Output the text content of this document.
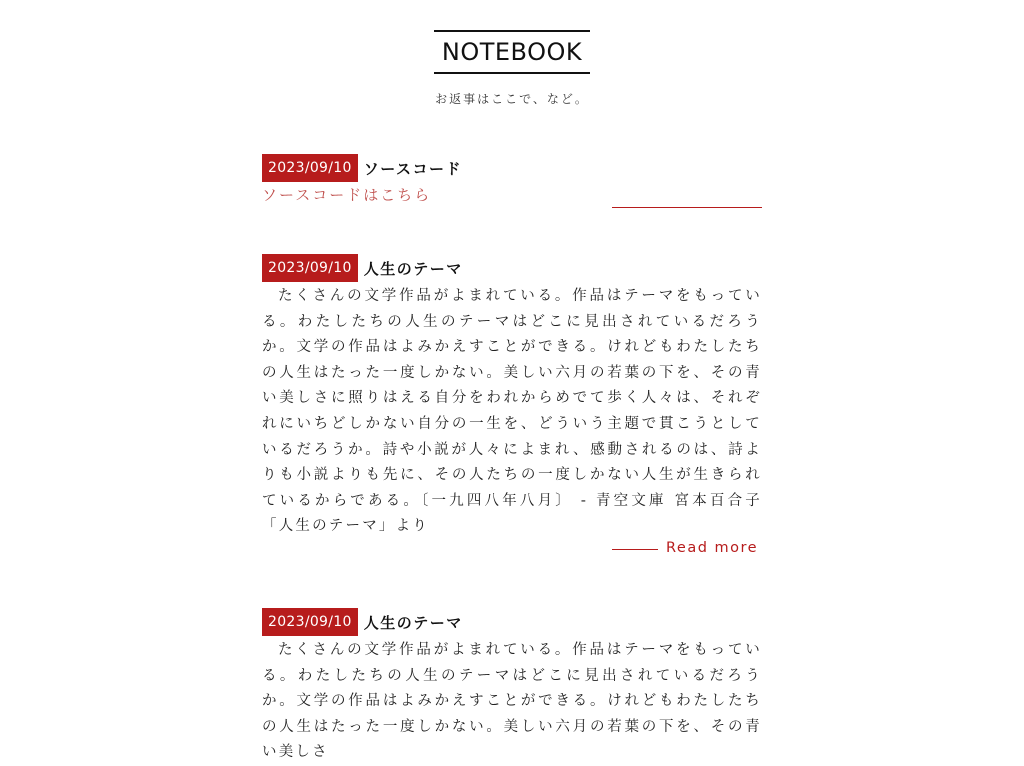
NOTEBOOK
お返事はここで、など。
2023/09/10 ソースコード
ソースコードはこちら
2023/09/10 人生のテーマ
たくさんの文学作品がよまれている。作品はテーマをもっている。わたしたちの人生のテーマはどこに見出されているだろうか。文学の作品はよみかえすことができる。けれどもわたしたちの人生はたった一度しかない。美しい六月の若葉の下を、その青い美しさに照りはえる自分をわれからめでて歩く人々は、それぞれにいちどしかない自分の一生を、どういう主題で貫こうとしているだろうか。詩や小説が人々によまれ、感動されるのは、詩よりも小説よりも先に、その人たちの一度しかない人生が生きられているからである。〔一九四八年八月〕 - 青空文庫 宮本百合子「人生のテーマ」より
Read more
2023/09/10 人生のテーマ
たくさんの文学作品がよまれている。作品はテーマをもっている。わたしたちの人生のテーマはどこに見出されているだろうか。文学の作品はよみかえすことができる。けれどもわたしたちの人生はたった一度しかない。美しい六月の若葉の下を、その青い美しさ
